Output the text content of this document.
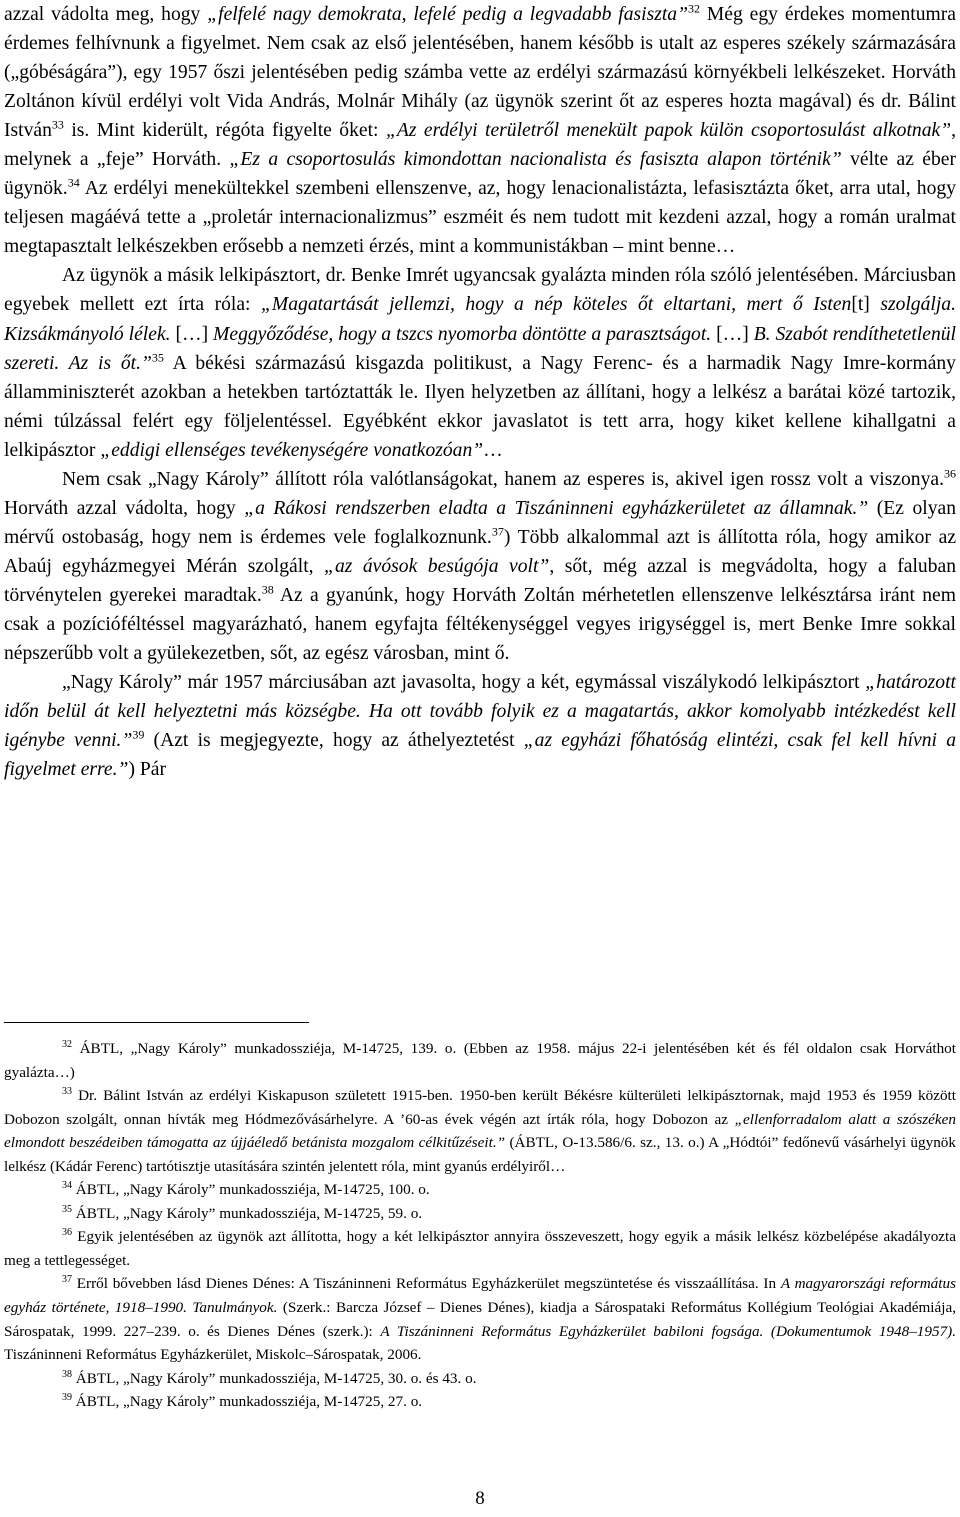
azzal vádolta meg, hogy „felfelé nagy demokrata, lefelé pedig a legvadabb fasiszta”$^{32}$ Még egy érdekes momentumra érdemes felhívnunk a figyelmet. Nem csak az első jelentésében, hanem később is utalt az esperes székely származására („góbéságára”), egy 1957 őszi jelentésében pedig számba vette az erdélyi származású környékbeli lelkészeket. Horváth Zoltánon kívül erdélyi volt Vida András, Molnár Mihály (az ügynök szerint őt az esperes hozta magával) és dr. Bálint István$^{33}$ is. Mint kiderült, régóta figyelte őket: „Az erdélyi területről menekült papok külön csoportosulást alkotnak”, melynek a „feje” Horváth. „Ez a csoportosulás kimondottan nacionalista és fasiszta alapon történik” vélte az éber ügynök.$^{34}$ Az erdélyi menekültekkel szembeni ellenszenve, az, hogy lenacionalistázta, lefasisztázta őket, arra utal, hogy teljesen magáévá tette a „proletár internacionalizmus” eszméit és nem tudott mit kezdeni azzal, hogy a román uralmat megtapasztalt lelkészekben erősebb a nemzeti érzés, mint a kommunistákban – mint benne…

Az ügynök a másik lelkipásztort, dr. Benke Imrét ugyancsak gyalázta minden róla szóló jelentésében. Márciusban egyebek mellett ezt írta róla: „Magatartását jellemzi, hogy a nép köteles őt eltartani, mert ő Isten[t] szolgálja. Kizsákmányoló lélek. […] Meggyőződése, hogy a tszcs nyomorba döntötte a parasztságot. […] B. Szabót rendíthetetlenül szereti. Az is őt.”$^{35}$ A békési származású kisgazda politikust, a Nagy Ferenc- és a harmadik Nagy Imre-kormány államminiszterét azokban a hetekben tartóztatták le. Ilyen helyzetben az állítani, hogy a lelkész a barátai közé tartozik, némi túlzással felért egy följelentéssel. Egyébként ekkor javaslatot is tett arra, hogy kiket kellene kihallgatni a lelkipásztor „eddigi ellenséges tevékenységére vonatkozóan”…

Nem csak „Nagy Károly” állított róla valótlanságokat, hanem az esperes is, akivel igen rossz volt a viszonya.$^{36}$ Horváth azzal vádolta, hogy „a Rákosi rendszerben eladta a Tiszáninneni egyházkerületet az államnak.” (Ez olyan mérvű ostobaság, hogy nem is érdemes vele foglalkoznunk.$^{37}$) Több alkalommal azt is állította róla, hogy amikor az Abaúj egyházmegyei Mérán szolgált, „az ávósok besúgója volt”, sőt, még azzal is megvádolta, hogy a faluban törvénytelen gyerekei maradtak.$^{38}$ Az a gyanúnk, hogy Horváth Zoltán mérhetetlen ellenszenve lelkésztársa iránt nem csak a pozícióféltéssel magyarázható, hanem egyfajta féltékenységgel vegyes irigységgel is, mert Benke Imre sokkal népszerűbb volt a gyülekezetben, sőt, az egész városban, mint ő.

„Nagy Károly” már 1957 márciusában azt javasolta, hogy a két, egymással viszálykodó lelkipásztort „határozott időn belül át kell helyeztetni más községbe. Ha ott tovább folyik ez a magatartás, akkor komolyabb intézkedést kell igénybe venni.”$^{39}$ (Azt is megjegyezte, hogy az áthelyeztetést „az egyházi főhatóság elintézi, csak fel kell hívni a figyelmet erre.”) Pár

$^{32}$ ÁBTL, „Nagy Károly” munkadossziéja, M-14725, 139. o. (Ebben az 1958. május 22-i jelentésében két és fél oldalon csak Horváthot gyalázta…)

$^{33}$ Dr. Bálint István az erdélyi Kiskapuson született 1915-ben. 1950-ben került Békésre külterületi lelkipásztornak, majd 1953 és 1959 között Dobozon szolgált, onnan hívták meg Hódmezővásárhelyre. A ’60-as évek végén azt írták róla, hogy Dobozon az „ellenforradalom alatt a szószéken elmondott beszédeiben támogatta az újjáéledő betánista mozgalom célkitűzéseit.” (ÁBTL, O-13.586/6. sz., 13. o.) A „Hódtói” fedőnevű vásárhelyi ügynök lelkész (Kádár Ferenc) tartótisztje utasítására szintén jelentett róla, mint gyanús erdélyiről…

$^{34}$ ÁBTL, „Nagy Károly” munkadossziéja, M-14725, 100. o.

$^{35}$ ÁBTL, „Nagy Károly” munkadossziéja, M-14725, 59. o.

$^{36}$ Egyik jelentésében az ügynök azt állította, hogy a két lelkipásztor annyira összeveszett, hogy egyik a másik lelkész közbelépése akadályozta meg a tettlegességet.

$^{37}$ Erről bővebben lásd Dienes Dénes: A Tiszáninneni Református Egyházkerület megszüntetése és visszaállítása. In A magyarországi református egyház története, 1918–1990. Tanulmányok. (Szerk.: Barcza József – Dienes Dénes), kiadja a Sárospataki Református Kollégium Teológiai Akadémiája, Sárospatak, 1999. 227–239. o. és Dienes Dénes (szerk.): A Tiszáninneni Református Egyházkerület babiloni fogsága. (Dokumentumok 1948–1957). Tiszáninneni Református Egyházkerület, Miskolc–Sárospatak, 2006.

$^{38}$ ÁBTL, „Nagy Károly” munkadossziéja, M-14725, 30. o. és 43. o.

$^{39}$ ÁBTL, „Nagy Károly” munkadossziéja, M-14725, 27. o.

8
